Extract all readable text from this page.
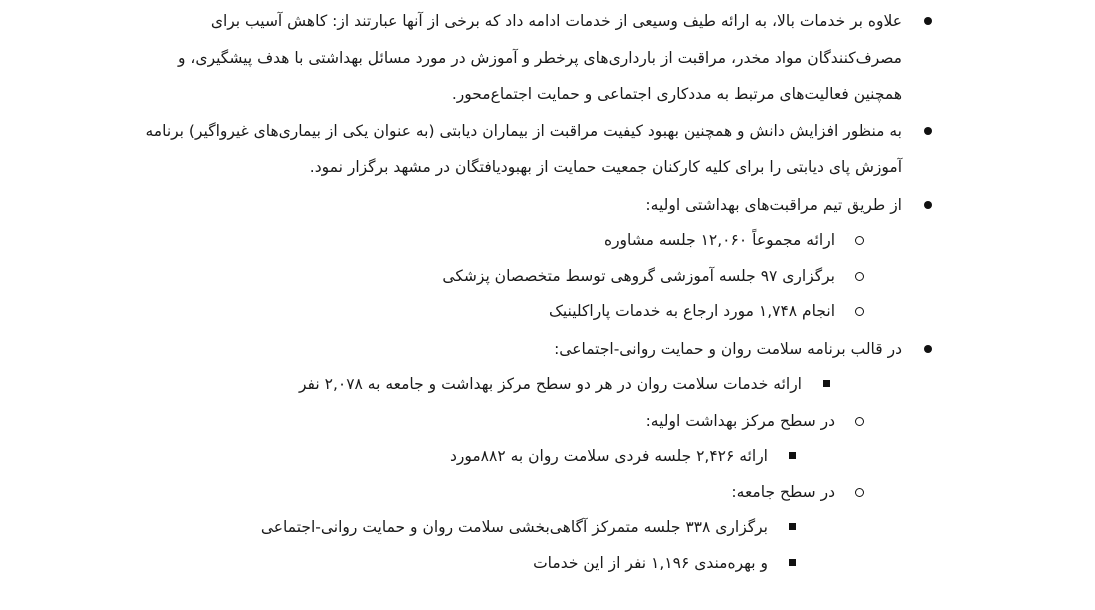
علاوه بر خدمات بالا، به ارائه طیف وسیعی از خدمات ادامه داد که برخی از آنها عبارتند از: کاهش آسیب برای
مصرف‌کنندگان مواد مخدر، مراقبت از بارداری‌های پرخطر و آموزش در مورد مسائل بهداشتی با هدف پیشگیری، و
همچنین فعالیت‌های مرتبط به مددکاری اجتماعی و حمایت اجتماع‌محور.
به منظور افزایش دانش و همچنین بهبود کیفیت مراقبت از بیماران دیابتی (به عنوان یکی از بیماری‌های غیرواگیر) برنامه
آموزش پای دیابتی را برای کلیه کارکنان جمعیت حمایت از بهبودیافتگان در مشهد برگزار نمود.
از طریق تیم مراقبت‌های بهداشتی اولیه:
ارائه مجموعاً ۱۲,۰۶۰ جلسه مشاوره
برگزاری ۹۷ جلسه آموزشی گروهی توسط متخصصان پزشکی
انجام ۱,۷۴۸ مورد ارجاع به خدمات پاراکلینیک
در قالب برنامه سلامت روان و حمایت روانی-اجتماعی:
ارائه خدمات سلامت روان در هر دو سطح مرکز بهداشت و جامعه به ۲,۰۷۸ نفر
در سطح مرکز بهداشت اولیه:
ارائه ۲,۴۲۶ جلسه فردی سلامت روان به ۸۸۲مورد
در سطح جامعه:
برگزاری ۳۳۸ جلسه متمرکز آگاهی‌بخشی سلامت روان و حمایت روانی-اجتماعی
و بهره‌مندی ۱,۱۹۶ نفر از این خدمات
